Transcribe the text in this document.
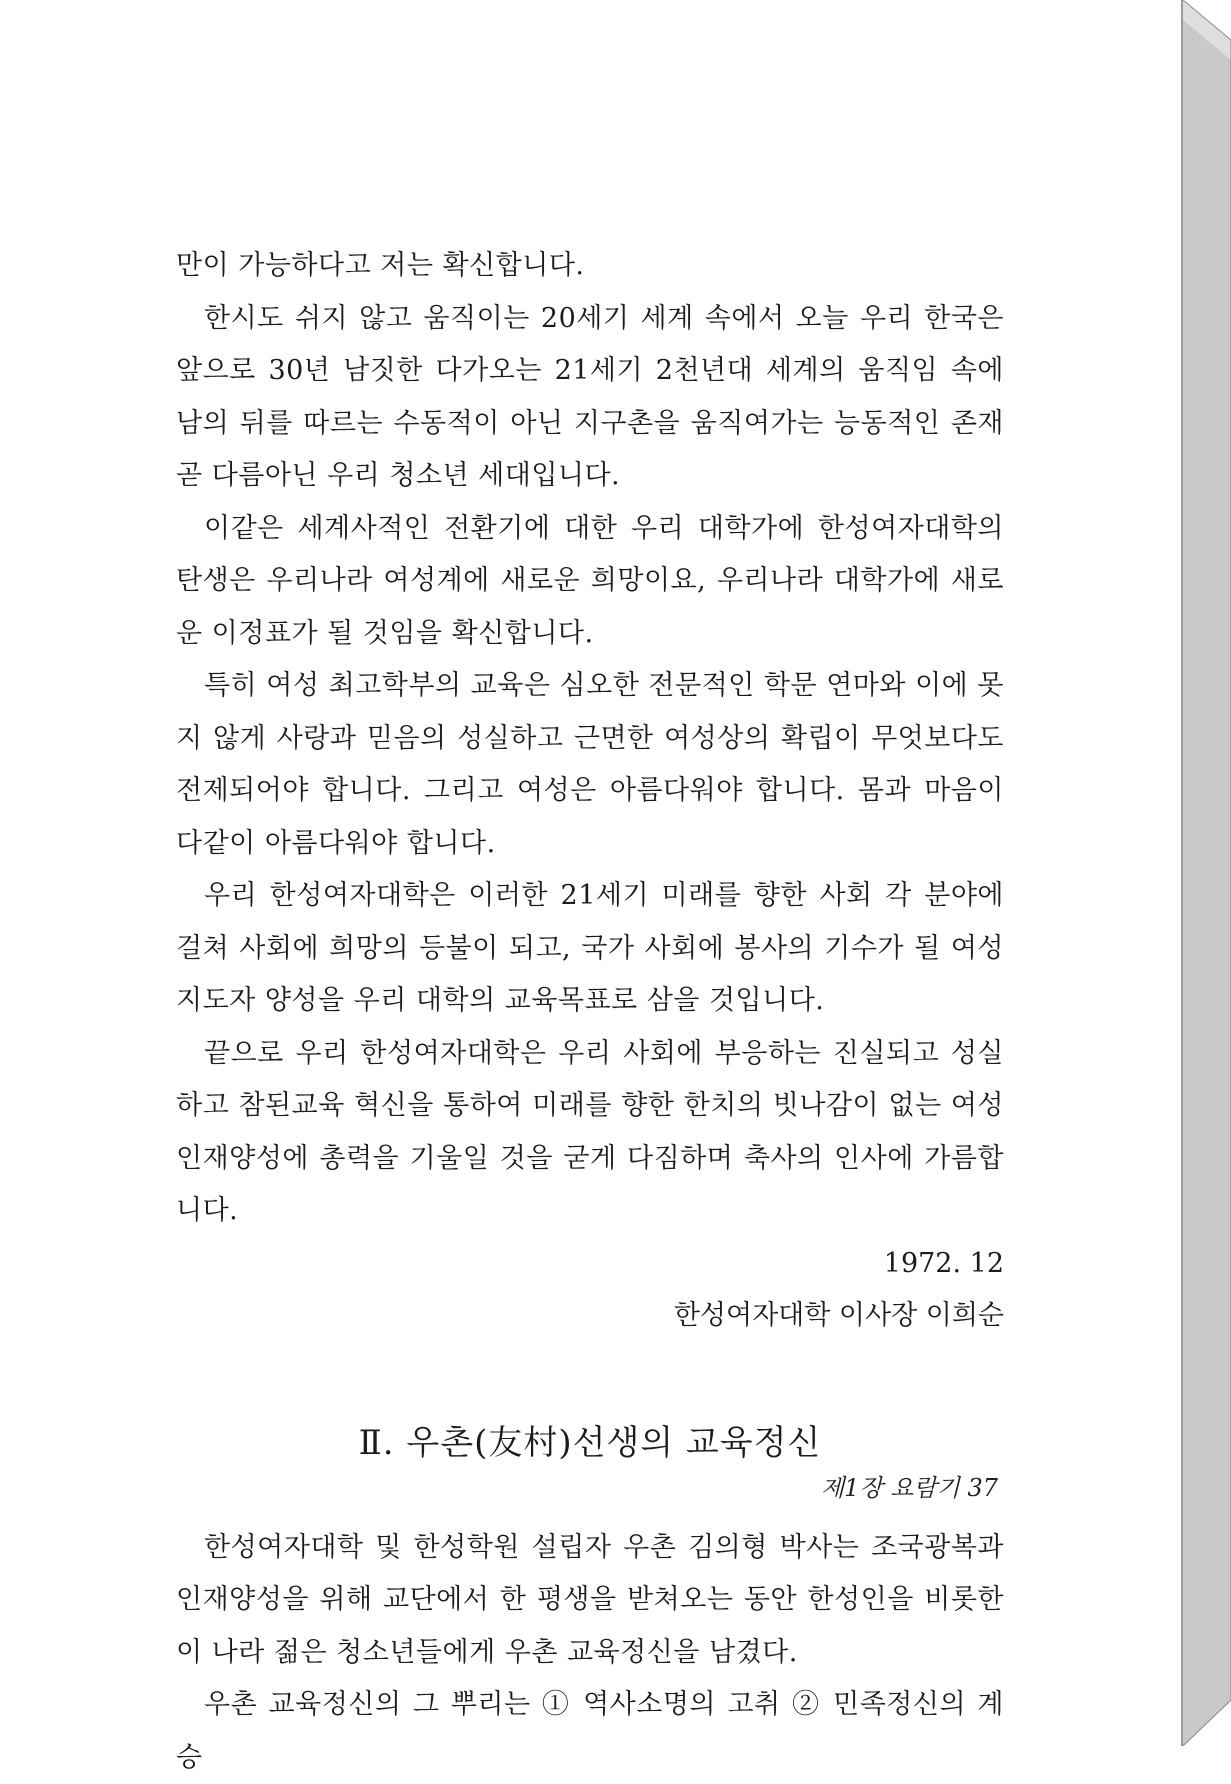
만이 가능하다고 저는 확신합니다.

한시도 쉬지 않고 움직이는 20세기 세계 속에서 오늘 우리 한국은 앞으로 30년 남짓한 다가오는 21세기 2천년대 세계의 움직임 속에 남의 뒤를 따르는 수동적이 아닌 지구촌을 움직여가는 능동적인 존재 곧 다름아닌 우리 청소년 세대입니다.

이같은 세계사적인 전환기에 대한 우리 대학가에 한성여자대학의 탄생은 우리나라 여성계에 새로운 희망이요, 우리나라 대학가에 새로운 이정표가 될 것임을 확신합니다.

특히 여성 최고학부의 교육은 심오한 전문적인 학문 연마와 이에 못지 않게 사랑과 믿음의 성실하고 근면한 여성상의 확립이 무엇보다도 전제되어야 합니다. 그리고 여성은 아름다워야 합니다. 몸과 마음이 다같이 아름다워야 합니다.

우리 한성여자대학은 이러한 21세기 미래를 향한 사회 각 분야에 걸쳐 사회에 희망의 등불이 되고, 국가 사회에 봉사의 기수가 될 여성 지도자 양성을 우리 대학의 교육목표로 삼을 것입니다.

끝으로 우리 한성여자대학은 우리 사회에 부응하는 진실되고 성실하고 참된교육 혁신을 통하여 미래를 향한 한치의 빗나감이 없는 여성 인재양성에 총력을 기울일 것을 굳게 다짐하며 축사의 인사에 가름합니다.

1972. 12

한성여자대학 이사장 이희순

Ⅱ. 우촌(友村)선생의 교육정신

한성여자대학 및 한성학원 설립자 우촌 김의형 박사는 조국광복과 인재양성을 위해 교단에서 한 평생을 받쳐오는 동안 한성인을 비롯한 이 나라 젊은 청소년들에게 우촌 교육정신을 남겼다.

우촌 교육정신의 그 뿌리는 ① 역사소명의 고취 ② 민족정신의 계승

제1장 요람기 37
